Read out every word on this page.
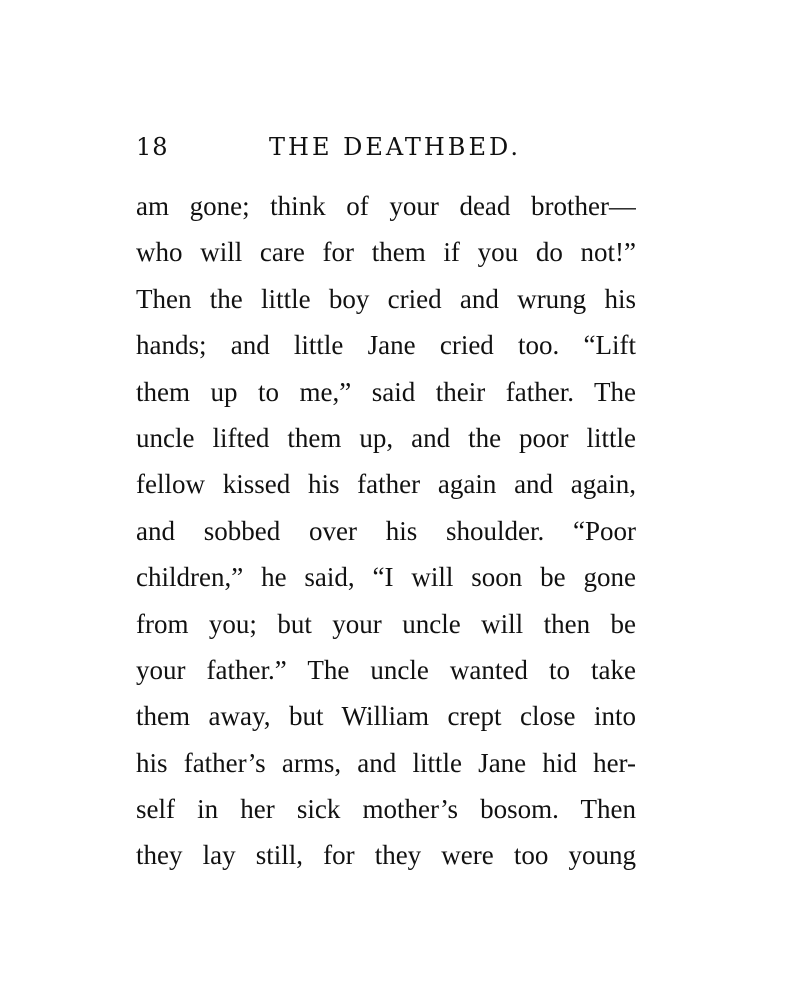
18	THE DEATHBED.
am gone; think of your dead brother—
who will care for them if you do not!”
Then the little boy cried and wrung his
hands; and little Jane cried too. “Lift
them up to me,” said their father. The
uncle lifted them up, and the poor little
fellow kissed his father again and again,
and sobbed over his shoulder. “Poor
children,” he said, “I will soon be gone
from you; but your uncle will then be
your father.” The uncle wanted to take
them away, but William crept close into
his father’s arms, and little Jane hid her-
self in her sick mother’s bosom. Then
they lay still, for they were too young
